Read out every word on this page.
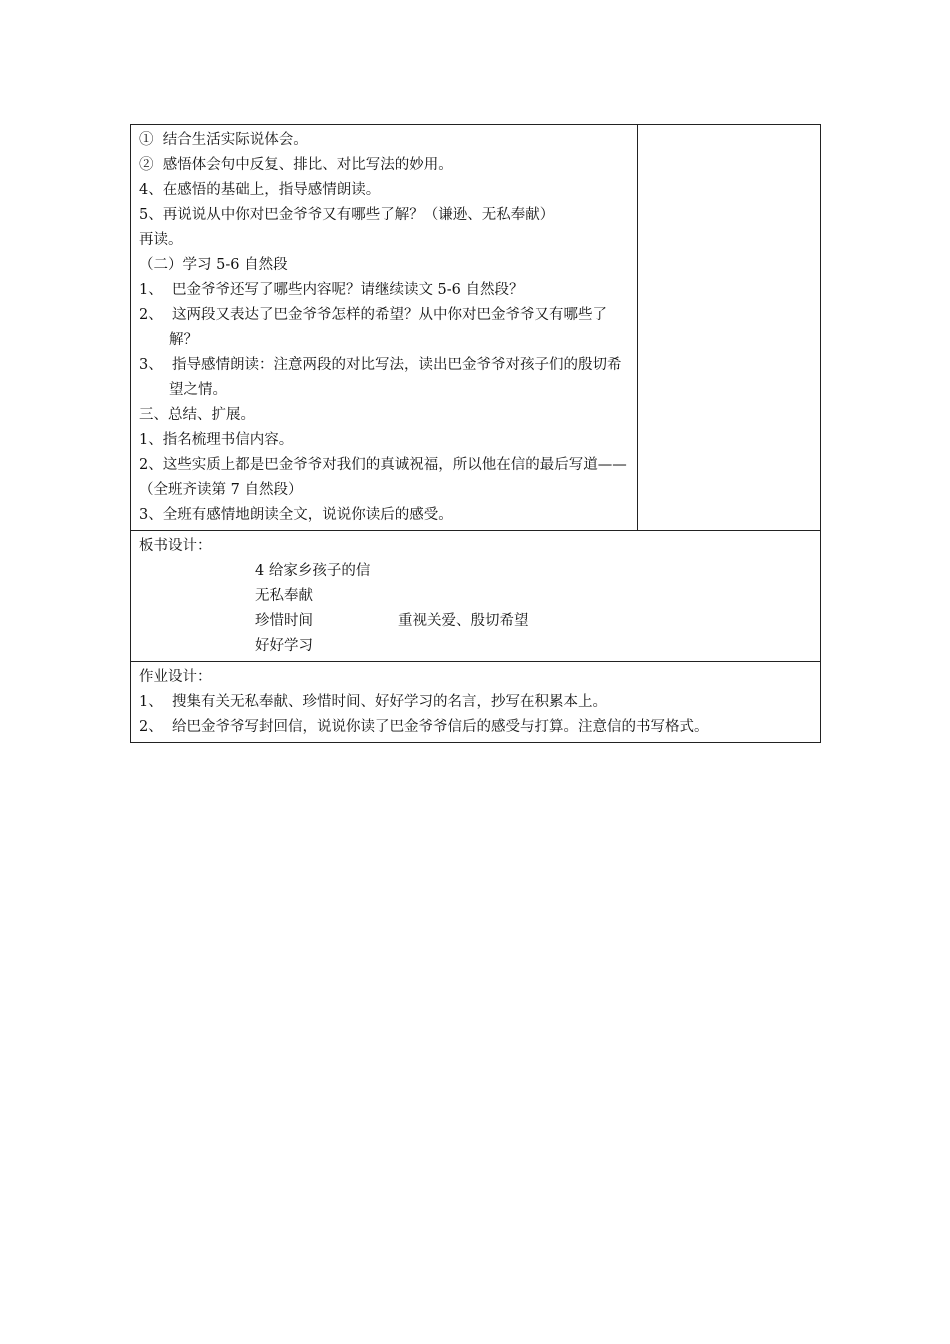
①  结合生活实际说体会。
②  感悟体会句中反复、排比、对比写法的妙用。
4、在感悟的基础上，指导感情朗读。
5、再说说从中你对巴金爷爷又有哪些了解？（谦逊、无私奉献）
再读。
（二）学习 5-6 自然段
1、  巴金爷爷还写了哪些内容呢？请继续读文 5-6 自然段？
2、  这两段又表达了巴金爷爷怎样的希望？从中你对巴金爷爷又有哪些了解？
3、  指导感情朗读：注意两段的对比写法，读出巴金爷爷对孩子们的殷切希望之情。
三、总结、扩展。
1、指名梳理书信内容。
2、这些实质上都是巴金爷爷对我们的真诚祝福，所以他在信的最后写道——（全班齐读第 7 自然段）
3、全班有感情地朗读全文，说说你读后的感受。

板书设计：
4 给家乡孩子的信
无私奉献
珍惜时间	重视关爱、殷切希望
好好学习

作业设计：
1、  搜集有关无私奉献、珍惜时间、好好学习的名言，抄写在积累本上。
2、  给巴金爷爷写封回信，说说你读了巴金爷爷信后的感受与打算。注意信的书写格式。
